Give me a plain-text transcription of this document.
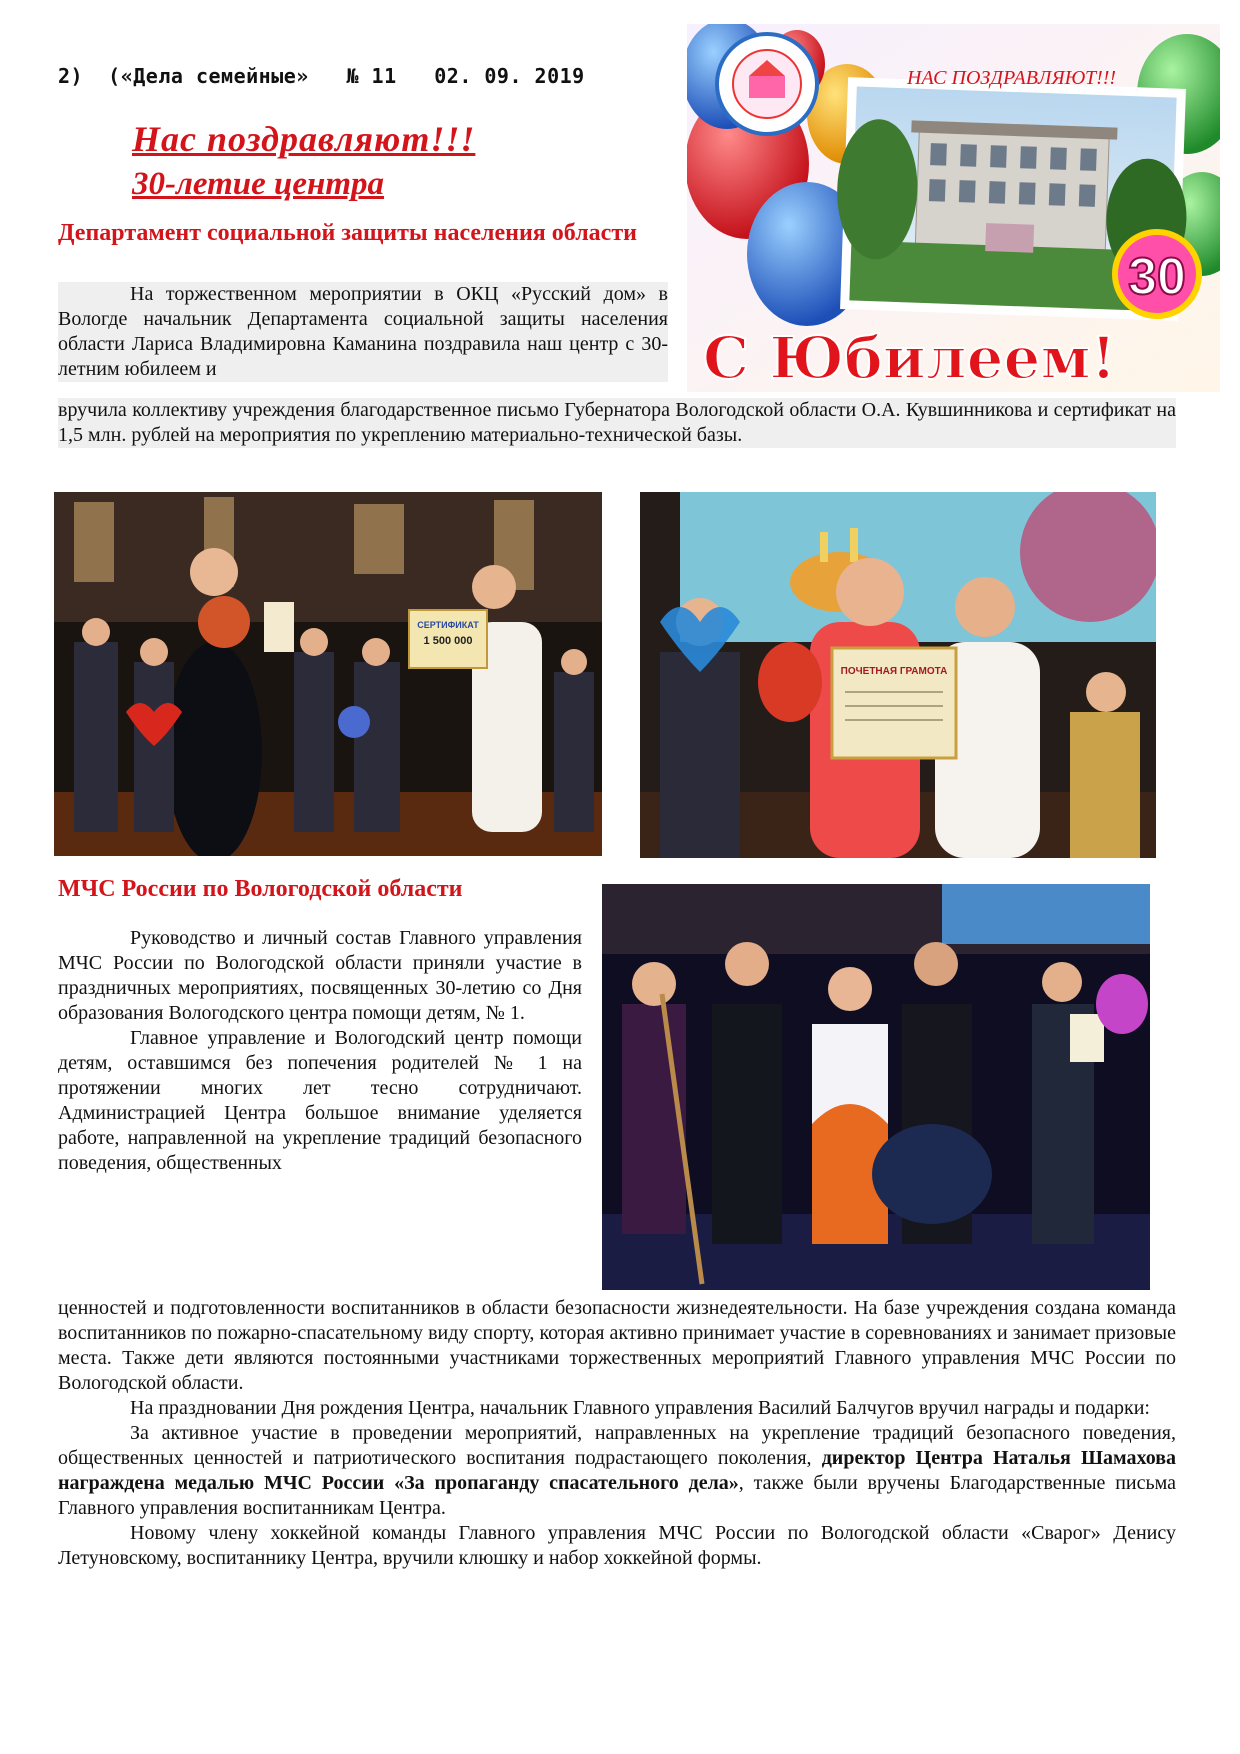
2)  («Дела семейные»   № 11   02. 09. 2019
Нас поздравляют!!!
30-летие центра
НАС ПОЗДРАВЛЯЮТ!!!
30
С Юбилеем!
Департамент социальной защиты населения области
На торжественном мероприятии в ОКЦ «Русский дом» в Вологде начальник Департамента социальной защиты населения области Лариса Владимировна Каманина поздравила наш центр с 30-летним юбилеем и
вручила коллективу учреждения благодарственное письмо Губернатора Вологодской области О.А. Кувшинникова и сертификат на 1,5 млн. рублей на мероприятия по укреплению материально-технической базы.
СЕРТИФИКАТ
1 500 000
ПОЧЕТНАЯ ГРАМОТА
МЧС России по Вологодской области
Руководство и личный состав Главного управления МЧС России по Вологодской области приняли участие в праздничных мероприятиях, посвященных 30-летию со Дня образования Вологодского центра помощи детям, № 1.
Главное управление и Вологодский центр помощи детям, оставшимся без попечения родителей № 1 на протяжении многих лет тесно сотрудничают. Администрацией Центра большое внимание уделяется работе, направленной на укрепление традиций безопасного поведения, общественных
ценностей и подготовленности воспитанников в области безопасности жизнедеятельности. На базе учреждения создана команда воспитанников по пожарно-спасательному виду спорту, которая активно принимает участие в соревнованиях и занимает призовые места. Также дети являются постоянными участниками торжественных мероприятий Главного управления МЧС России по Вологодской области.
На праздновании Дня рождения Центра, начальник Главного управления Василий Балчугов вручил награды и подарки:
За активное участие в проведении мероприятий, направленных на укрепление традиций безопасного поведения, общественных ценностей и патриотического воспитания подрастающего поколения, директор Центра Наталья Шамахова награждена медалью МЧС России «За пропаганду спасательного дела», также были вручены Благодарственные письма Главного управления воспитанникам Центра.
Новому члену хоккейной команды Главного управления МЧС России по Вологодской области «Сварог» Денису Летуновскому, воспитаннику Центра, вручили клюшку и набор хоккейной формы.
